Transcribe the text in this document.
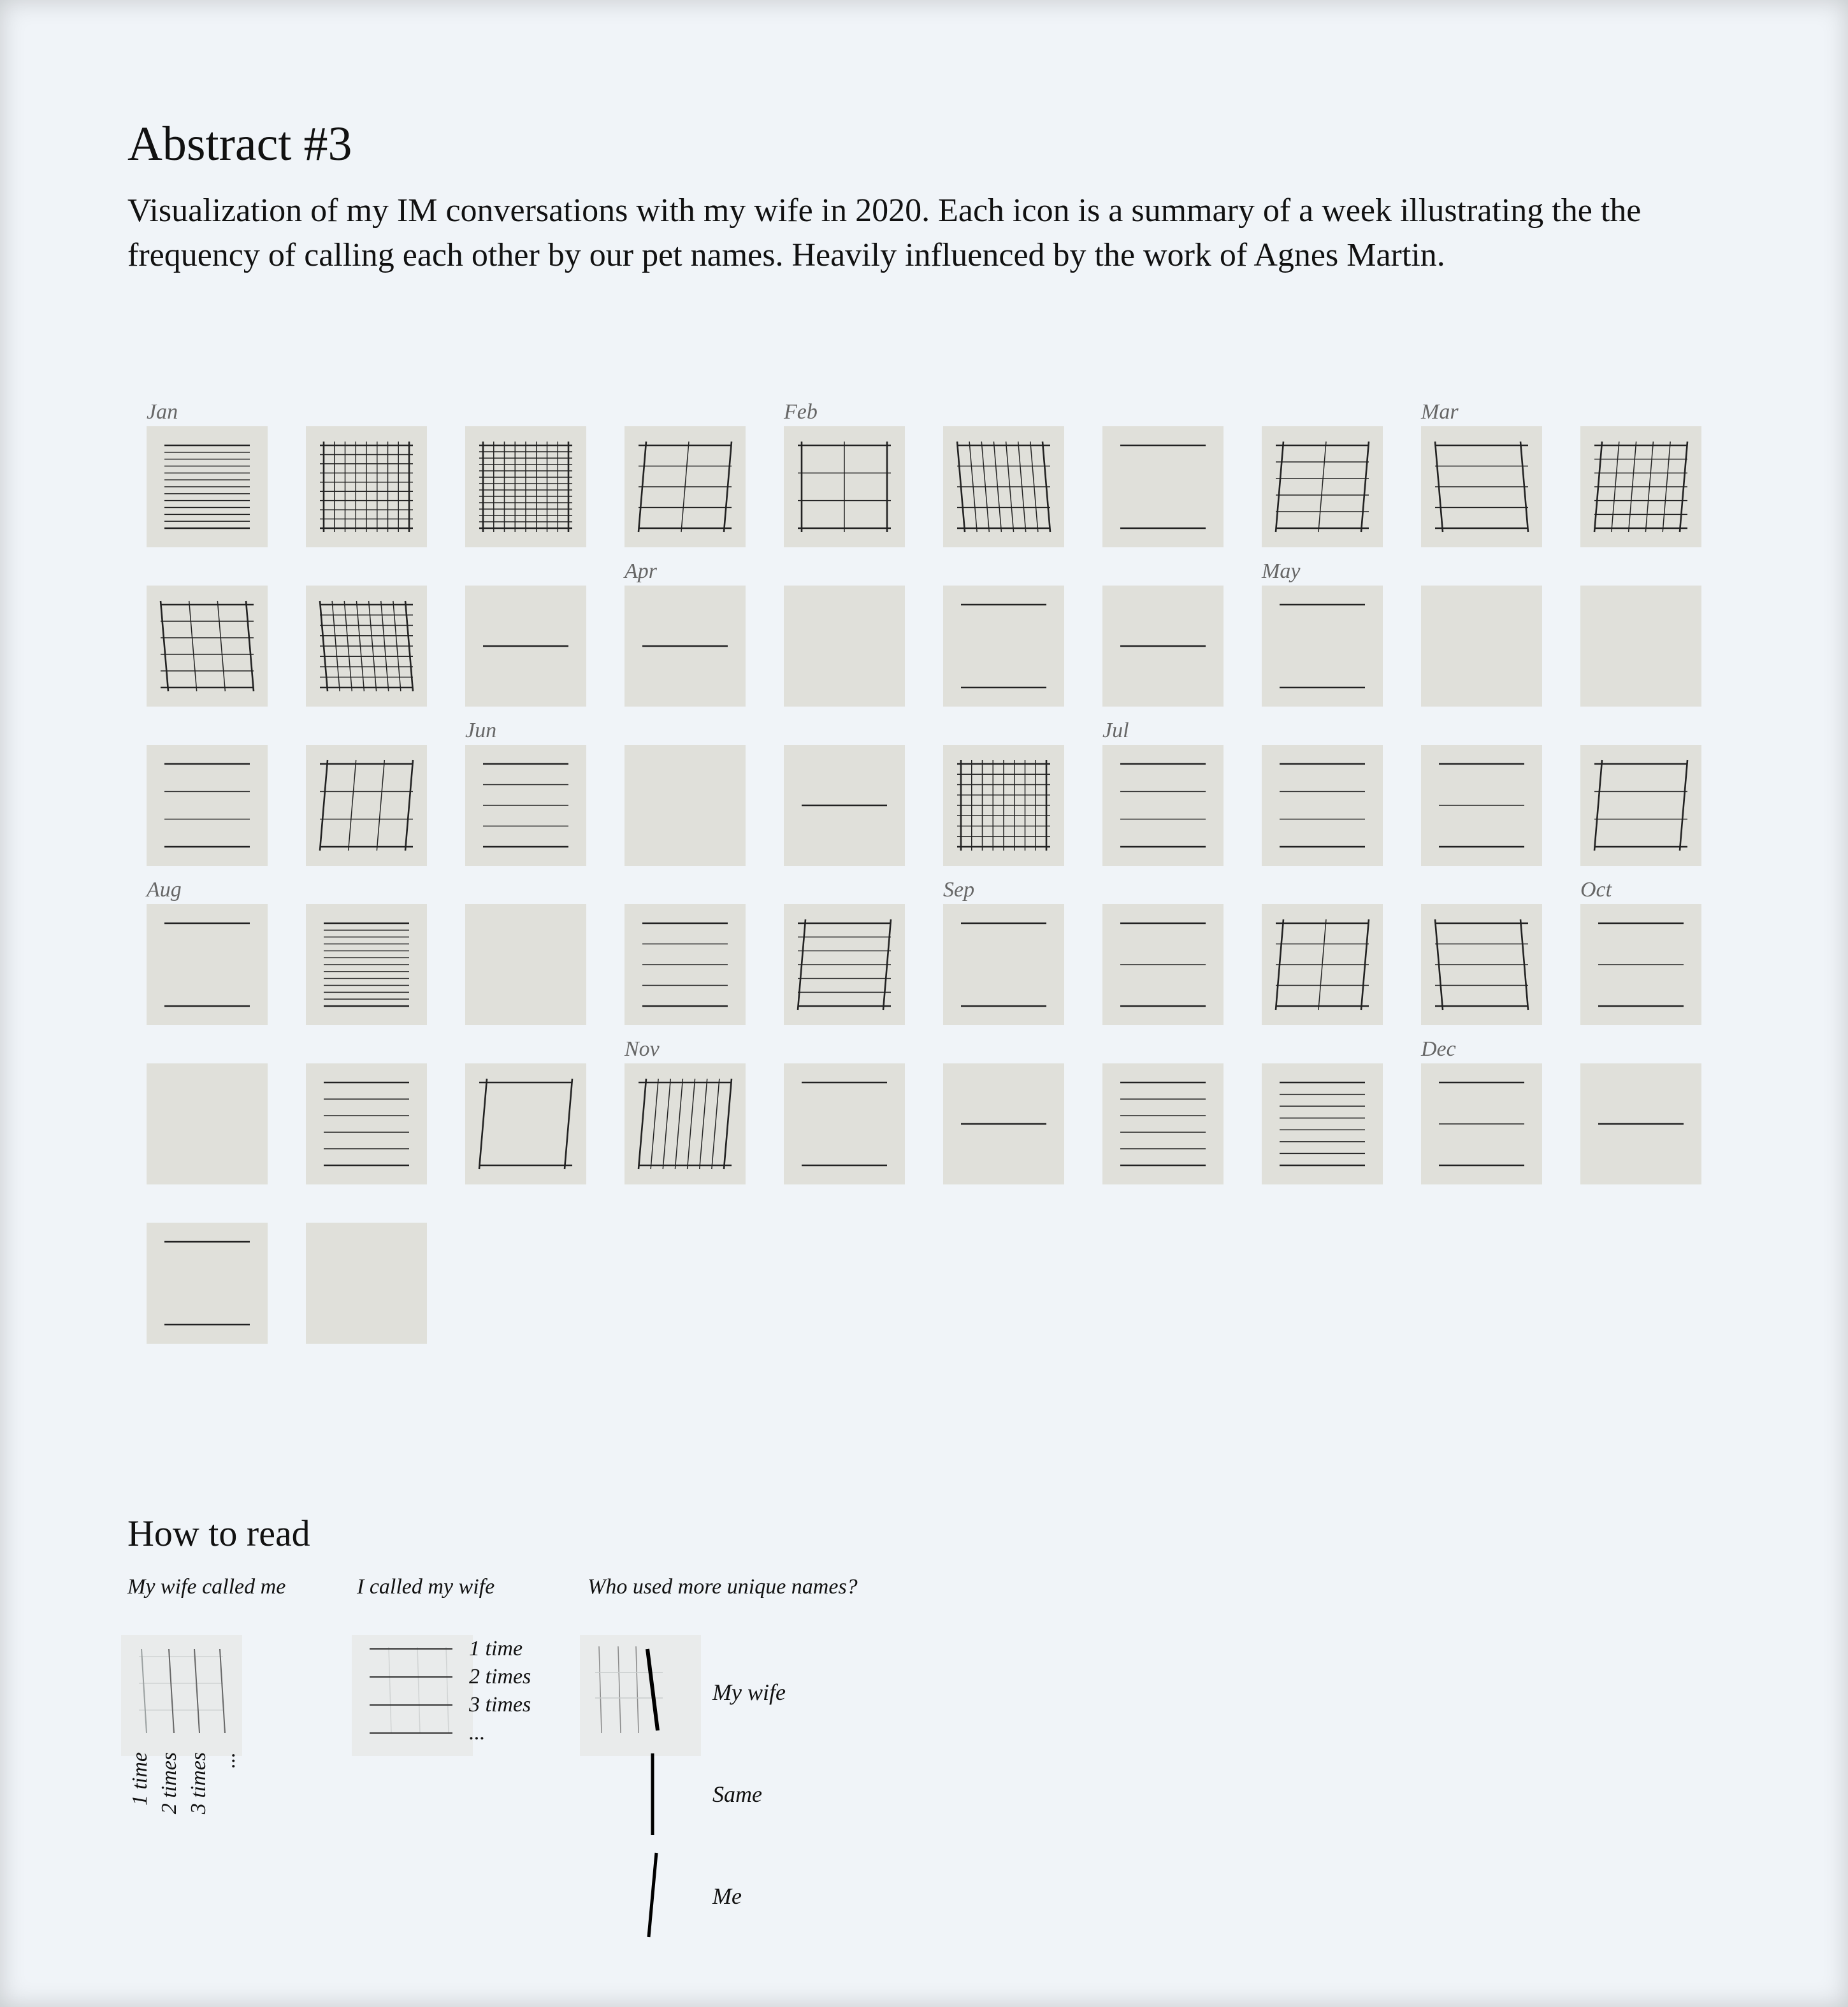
Abstract #3

Visualization of my IM conversations with my wife in 2020. Each icon is a summary of a week illustrating the the frequency of calling each other by our pet names. Heavily influenced by the work of Agnes Martin.

Jan	Feb	Mar
Apr	May
Jun	Jul
Aug	Sep	Oct
Nov	Dec
How to read
My wife called me	I called my wife	Who used more unique names?
1 time 2 times 3 times ...
1 time
2 times
3 times
...
My wife
Same
Me
